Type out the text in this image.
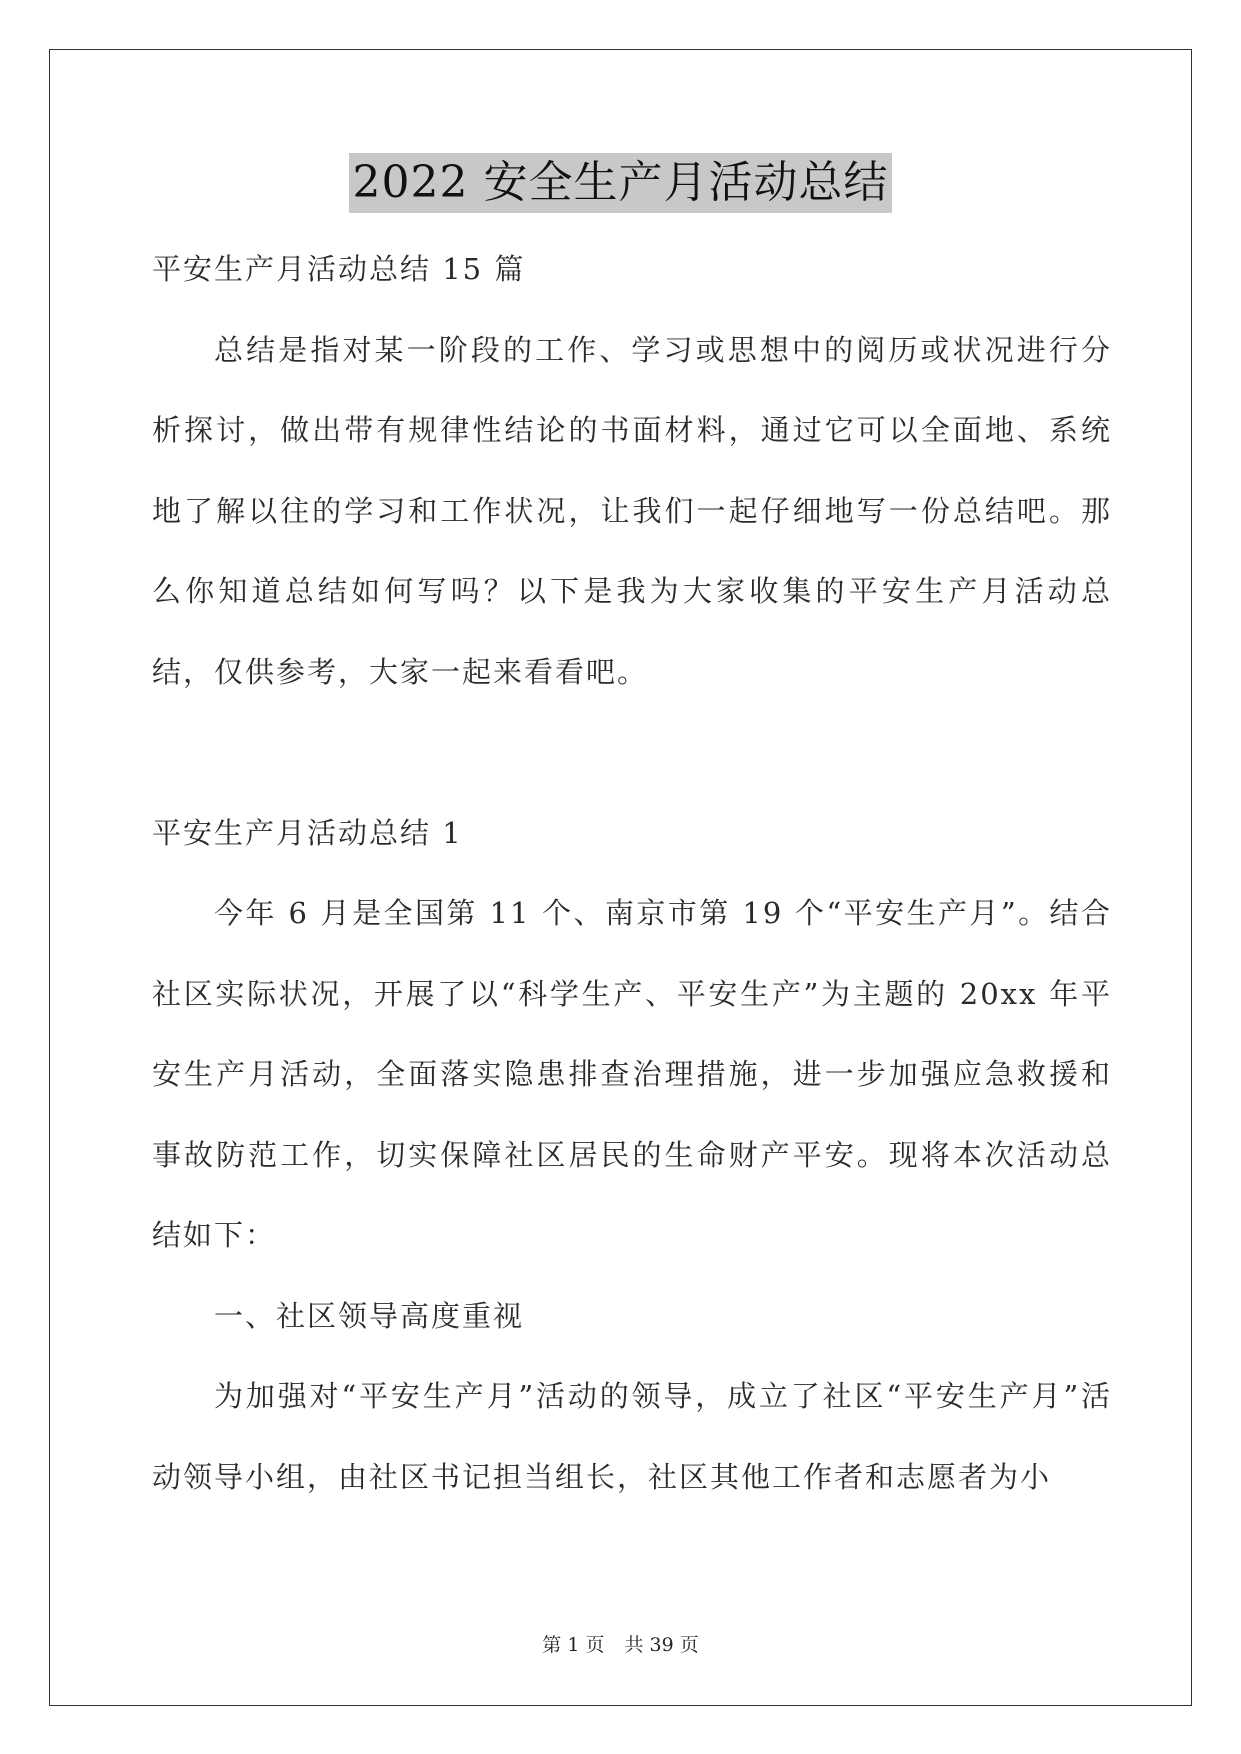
2022 安全生产月活动总结

平安生产月活动总结 15 篇

总结是指对某一阶段的工作、学习或思想中的阅历或状况进行分析探讨，做出带有规律性结论的书面材料，通过它可以全面地、系统地了解以往的学习和工作状况，让我们一起仔细地写一份总结吧。那么你知道总结如何写吗？以下是我为大家收集的平安生产月活动总结，仅供参考，大家一起来看看吧。

平安生产月活动总结 1

今年 6 月是全国第 11 个、南京市第 19 个“平安生产月”。结合社区实际状况，开展了以“科学生产、平安生产”为主题的 20xx 年平安生产月活动，全面落实隐患排查治理措施，进一步加强应急救援和事故防范工作，切实保障社区居民的生命财产平安。现将本次活动总结如下：

一、社区领导高度重视

为加强对“平安生产月”活动的领导，成立了社区“平安生产月”活动领导小组，由社区书记担当组长，社区其他工作者和志愿者为小

第 1 页 共 39 页
